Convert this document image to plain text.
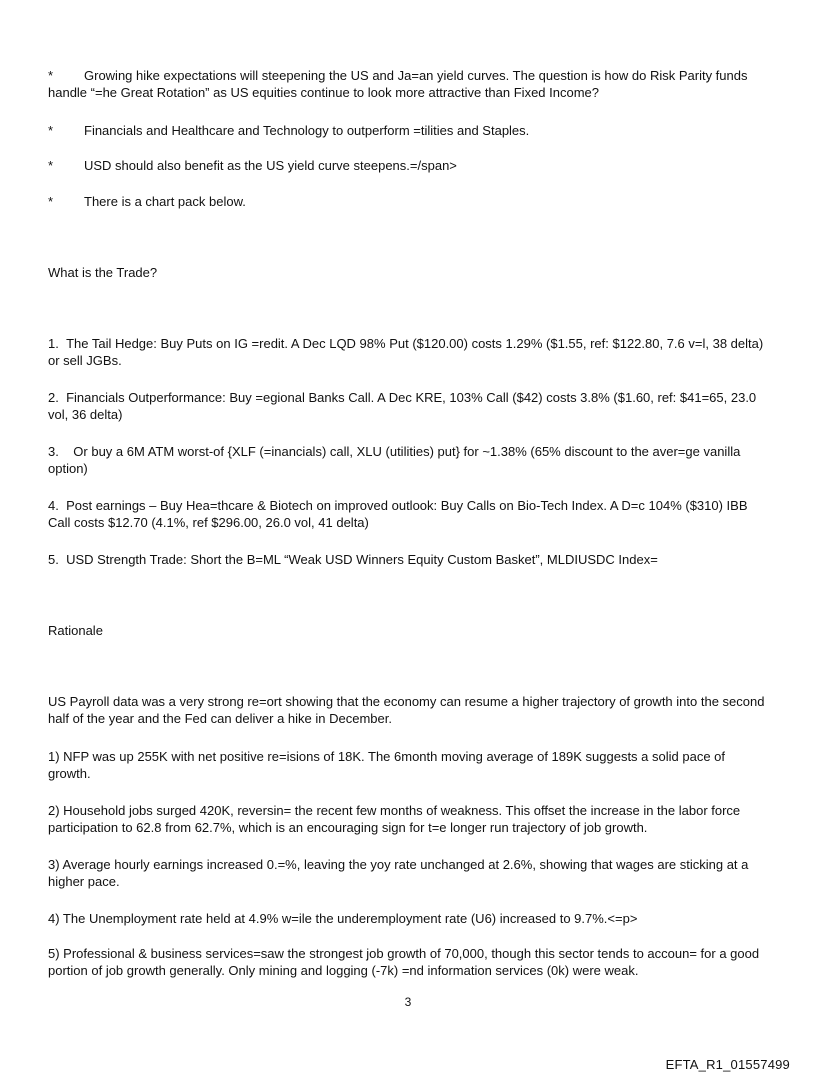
*	Growing hike expectations will steepening the US and Ja=an yield curves. The question is how do Risk Parity funds handle “=he Great Rotation” as US equities continue to look more attractive than Fixed Income?
*	Financials and Healthcare and Technology to outperform =tilities and Staples.
*	USD should also benefit as the US yield curve steepens.=/span>
*	There is a chart pack below.

What is the Trade?

1.  The Tail Hedge: Buy Puts on IG =redit. A Dec LQD 98% Put ($120.00) costs 1.29% ($1.55, ref: $122.80, 7.6 v=l, 38 delta) or sell JGBs.

2.  Financials Outperformance: Buy =egional Banks Call. A Dec KRE, 103% Call ($42) costs 3.8% ($1.60, ref: $41=65, 23.0 vol, 36 delta)

3.    Or buy a 6M ATM worst-of {XLF (=inancials) call, XLU (utilities) put} for ~1.38% (65% discount to the aver=ge vanilla option)

4.  Post earnings – Buy Hea=thcare & Biotech on improved outlook: Buy Calls on Bio-Tech Index. A D=c 104% ($310) IBB Call costs $12.70 (4.1%, ref $296.00, 26.0 vol, 41 delta)

5.  USD Strength Trade: Short the B=ML “Weak USD Winners Equity Custom Basket”, MLDIUSDC Index=

Rationale

US Payroll data was a very strong re=ort showing that the economy can resume a higher trajectory of growth into the second half of the year and the Fed can deliver a hike in December.

1) NFP was up 255K with net positive re=isions of 18K. The 6month moving average of 189K suggests a solid pace of growth.

2) Household jobs surged 420K, reversin= the recent few months of weakness. This offset the increase in the labor force participation to 62.8 from 62.7%, which is an encouraging sign for t=e longer run trajectory of job growth.

3) Average hourly earnings increased 0.=%, leaving the yoy rate unchanged at 2.6%, showing that wages are sticking at a higher pace.

4) The Unemployment rate held at 4.9% w=ile the underemployment rate (U6) increased to 9.7%.<=p>

5) Professional & business services=saw the strongest job growth of 70,000, though this sector tends to accoun= for a good portion of job growth generally. Only mining and logging (-7k) =nd information services (0k) were weak.

3
EFTA_R1_01557499
